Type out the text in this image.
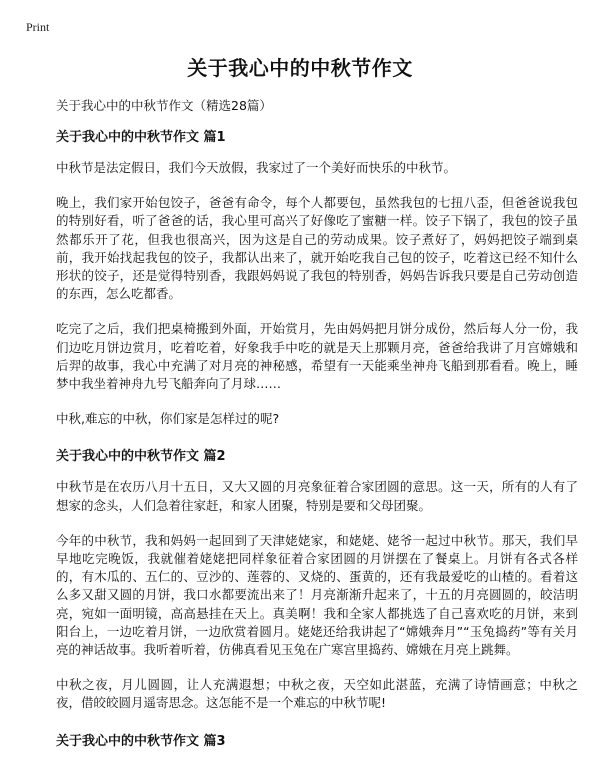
Print
关于我心中的中秋节作文
关于我心中的中秋节作文（精选28篇）
关于我心中的中秋节作文 篇1

中秋节是法定假日，我们今天放假，我家过了一个美好而快乐的中秋节。

晚上，我们家开始包饺子，爸爸有命令，每个人都要包，虽然我包的七扭八歪，但爸爸说我包的特别好看，听了爸爸的话，我心里可高兴了好像吃了蜜糖一样。饺子下锅了，我包的饺子虽然都乐开了花，但我也很高兴，因为这是自己的劳动成果。饺子煮好了，妈妈把饺子端到桌前，我开始找起我包的饺子，我都认出来了，就开始吃我自己包的饺子，吃着这已经不知什么形状的饺子，还是觉得特别香，我跟妈妈说了我包的特别香，妈妈告诉我只要是自己劳动创造的东西，怎么吃都香。

吃完了之后，我们把桌椅搬到外面，开始赏月，先由妈妈把月饼分成份，然后每人分一份，我们边吃月饼边赏月，吃着吃着，好象我手中吃的就是天上那颗月亮，爸爸给我讲了月宫嫦娥和后羿的故事，我心中充满了对月亮的神秘感，希望有一天能乘坐神舟飞船到那看看。晚上，睡梦中我坐着神舟九号飞船奔向了月球……

中秋,难忘的中秋，你们家是怎样过的呢?

关于我心中的中秋节作文 篇2

中秋节是在农历八月十五日，又大又圆的月亮象征着合家团圆的意思。这一天，所有的人有了想家的念头，人们急着往家赶，和家人团聚，特别是要和父母团聚。

今年的中秋节，我和妈妈一起回到了天津姥姥家，和姥姥、姥爷一起过中秋节。那天，我们早早地吃完晚饭，我就催着姥姥把同样象征着合家团圆的月饼摆在了餐桌上。月饼有各式各样的，有木瓜的、五仁的、豆沙的、莲蓉的、叉烧的、蛋黄的，还有我最爱吃的山楂的。看着这么多又甜又圆的月饼，我口水都要流出来了！月亮渐渐升起来了，十五的月亮圆圆的，皎洁明亮，宛如一面明镜，高高悬挂在天上。真美啊！我和全家人都挑选了自己喜欢吃的月饼，来到阳台上，一边吃着月饼，一边欣赏着圆月。姥姥还给我讲起了“嫦娥奔月”“玉兔捣药”等有关月亮的神话故事。我听着听着，仿佛真看见玉兔在广寒宫里捣药、嫦娥在月亮上跳舞。

中秋之夜，月儿圆圆，让人充满遐想；中秋之夜，天空如此湛蓝，充满了诗情画意；中秋之夜，借皎皎圆月遥寄思念。这怎能不是一个难忘的中秋节呢!

关于我心中的中秋节作文 篇3
